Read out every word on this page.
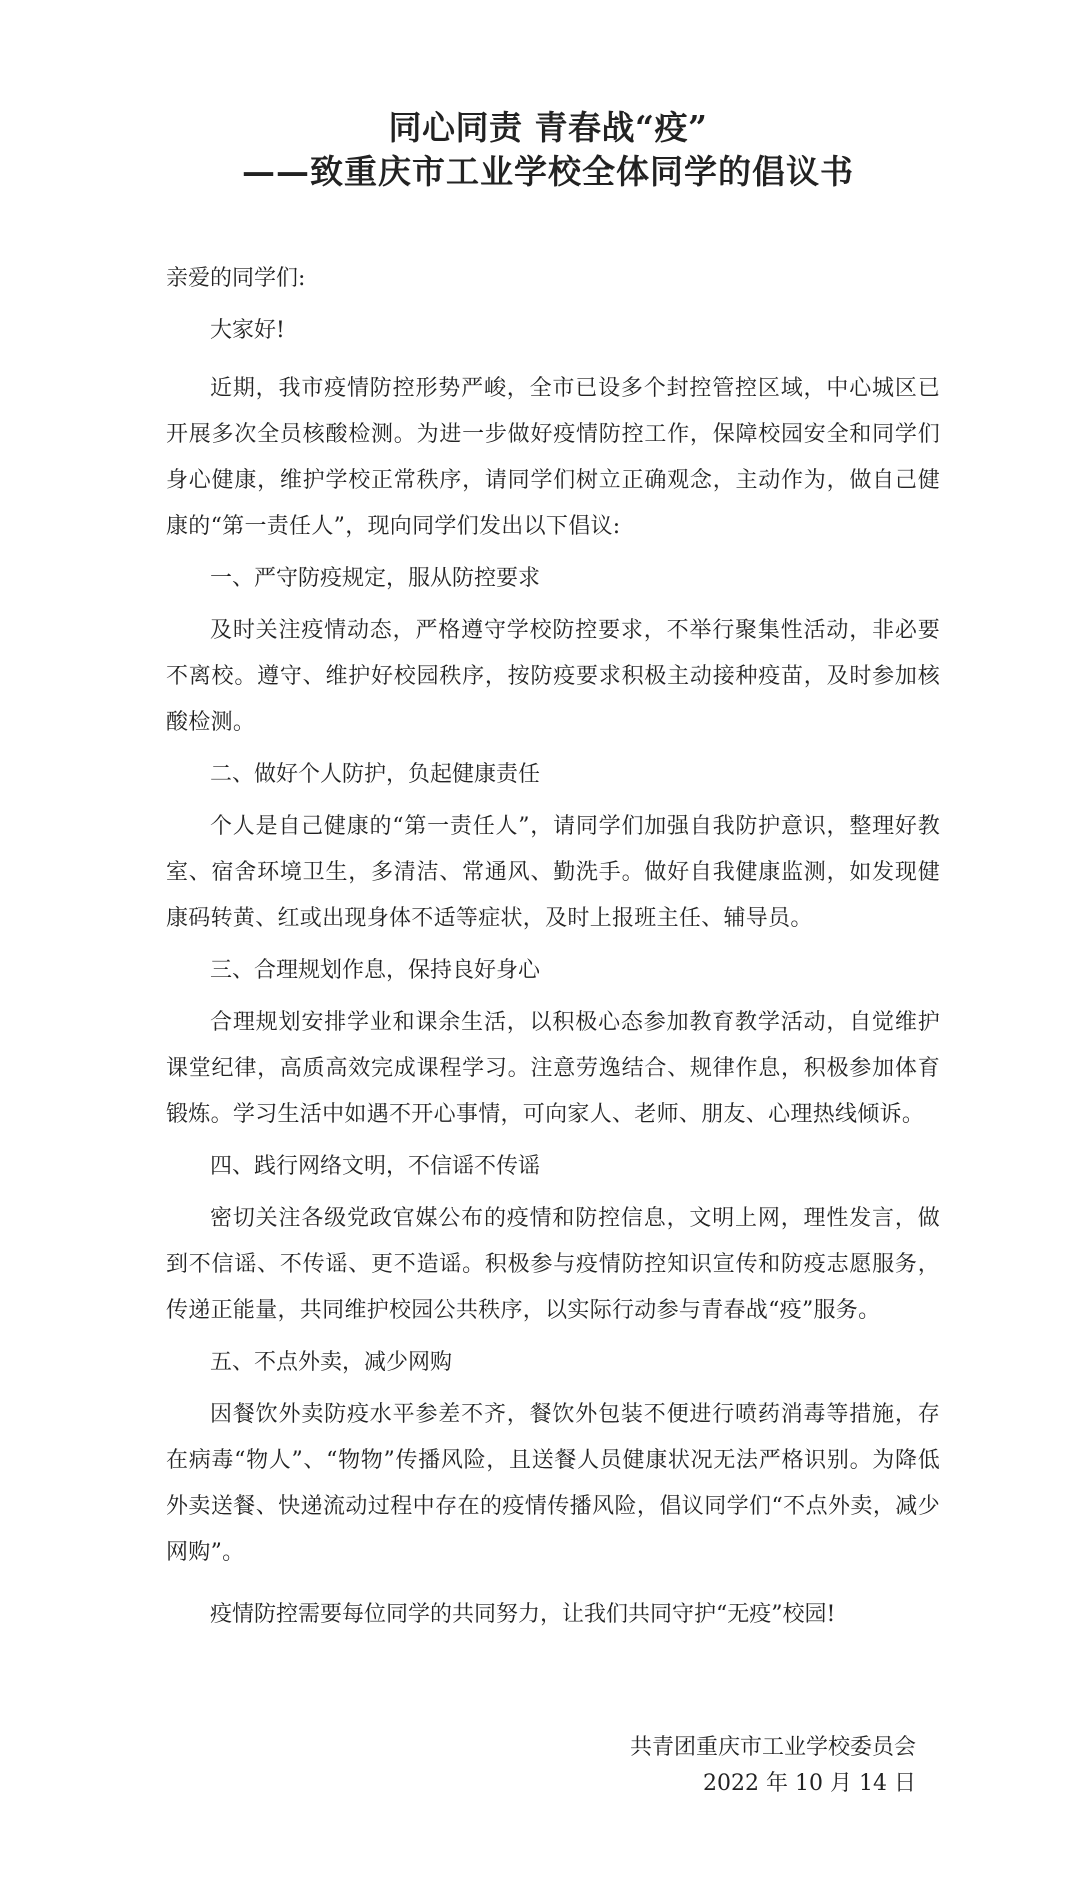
同心同责 青春战“疫”
——致重庆市工业学校全体同学的倡议书
亲爱的同学们:
大家好!

近期，我市疫情防控形势严峻，全市已设多个封控管控区域，中心城区已开展多次全员核酸检测。为进一步做好疫情防控工作，保障校园安全和同学们身心健康，维护学校正常秩序，请同学们树立正确观念，主动作为，做自己健康的“第一责任人”，现向同学们发出以下倡议:

一、严守防疫规定，服从防控要求

及时关注疫情动态，严格遵守学校防控要求，不举行聚集性活动，非必要不离校。遵守、维护好校园秩序，按防疫要求积极主动接种疫苗，及时参加核酸检测。

二、做好个人防护，负起健康责任

个人是自己健康的“第一责任人”，请同学们加强自我防护意识，整理好教室、宿舍环境卫生，多清洁、常通风、勤洗手。做好自我健康监测，如发现健康码转黄、红或出现身体不适等症状，及时上报班主任、辅导员。

三、合理规划作息，保持良好身心

合理规划安排学业和课余生活，以积极心态参加教育教学活动，自觉维护课堂纪律，高质高效完成课程学习。注意劳逸结合、规律作息，积极参加体育锻炼。学习生活中如遇不开心事情，可向家人、老师、朋友、心理热线倾诉。

四、践行网络文明，不信谣不传谣

密切关注各级党政官媒公布的疫情和防控信息，文明上网，理性发言，做到不信谣、不传谣、更不造谣。积极参与疫情防控知识宣传和防疫志愿服务，传递正能量，共同维护校园公共秩序，以实际行动参与青春战“疫”服务。

五、不点外卖，减少网购

因餐饮外卖防疫水平参差不齐，餐饮外包装不便进行喷药消毒等措施，存在病毒“物人”、“物物”传播风险，且送餐人员健康状况无法严格识别。为降低外卖送餐、快递流动过程中存在的疫情传播风险，倡议同学们“不点外卖，减少网购”。

疫情防控需要每位同学的共同努力，让我们共同守护“无疫”校园!
共青团重庆市工业学校委员会
2022 年 10 月 14 日
